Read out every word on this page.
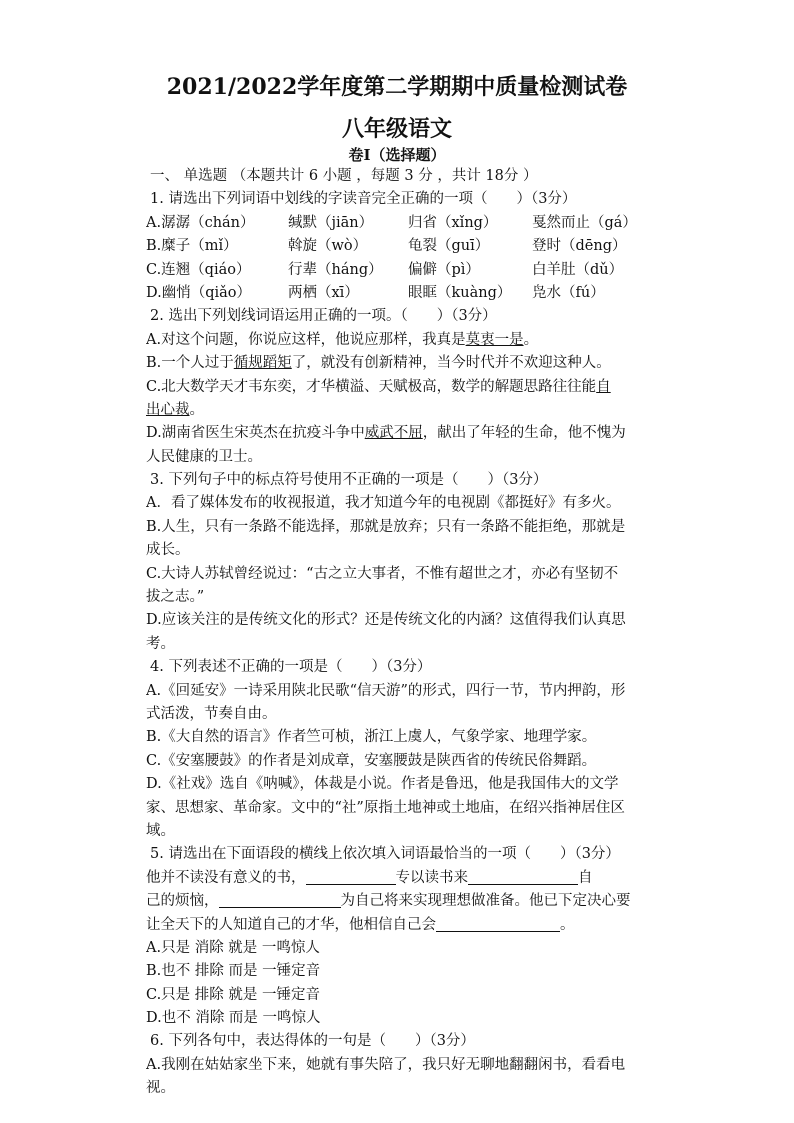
2021/2022学年度第二学期期中质量检测试卷
八年级语文
卷Ⅰ（选择题）
一、 单选题 （本题共计 6 小题 ，每题 3 分 ，共计 18分 ）
1. 请选出下列词语中划线的字读音完全正确的一项（　　）（3分）
A.潺潺（chán）	缄默（jiān）	归省（xǐng）	戛然而止（gá）
B.糜子（mǐ）	斡旋（wò）	龟裂（guī）	登时（dēng）
C.连翘（qiáo）	行辈（háng）	偏僻（pì）	白羊肚（dǔ）
D.幽悄（qiǎo）	两栖（xī）	眼眶（kuàng）	凫水（fú）
2. 选出下列划线词语运用正确的一项。（　　）（3分）
A.对这个问题，你说应这样，他说应那样，我真是莫衷一是。
B.一个人过于循规蹈矩了，就没有创新精神，当今时代并不欢迎这种人。
C.北大数学天才韦东奕，才华横溢、天赋极高，数学的解题思路往往能自
出心裁。
D.湖南省医生宋英杰在抗疫斗争中威武不屈，献出了年轻的生命，他不愧为
人民健康的卫士。
3. 下列句子中的标点符号使用不正确的一项是（　　）（3分）
A．看了媒体发布的收视报道，我才知道今年的电视剧《都挺好》有多火。
B.人生，只有一条路不能选择，那就是放弃；只有一条路不能拒绝，那就是
成长。
C.大诗人苏轼曾经说过：“古之立大事者，不惟有超世之才，亦必有坚韧不
拔之志。”
D.应该关注的是传统文化的形式？还是传统文化的内涵？这值得我们认真思
考。
4. 下列表述不正确的一项是（　　）（3分）
A.《回延安》一诗采用陕北民歌“信天游”的形式，四行一节，节内押韵，形
式活泼，节奏自由。
B.《大自然的语言》作者竺可桢，浙江上虞人，气象学家、地理学家。
C.《安塞腰鼓》的作者是刘成章，安塞腰鼓是陕西省的传统民俗舞蹈。
D.《社戏》选自《呐喊》，体裁是小说。作者是鲁迅，他是我国伟大的文学
家、思想家、革命家。文中的“社”原指土地神或土地庙，在绍兴指神居住区
域。
5. 请选出在下面语段的横线上依次填入词语最恰当的一项（　　）（3分）
他并不读没有意义的书，	专以读书来	自
己的烦恼，	为自己将来实现理想做准备。他已下定决心要
让全天下的人知道自己的才华，他相信自己会	。
A.只是 消除 就是 一鸣惊人
B.也不 排除 而是 一锤定音
C.只是 排除 就是 一锤定音
D.也不 消除 而是 一鸣惊人
6. 下列各句中，表达得体的一句是（　　）（3分）
A.我刚在姑姑家坐下来，她就有事失陪了，我只好无聊地翻翻闲书，看看电
视。
